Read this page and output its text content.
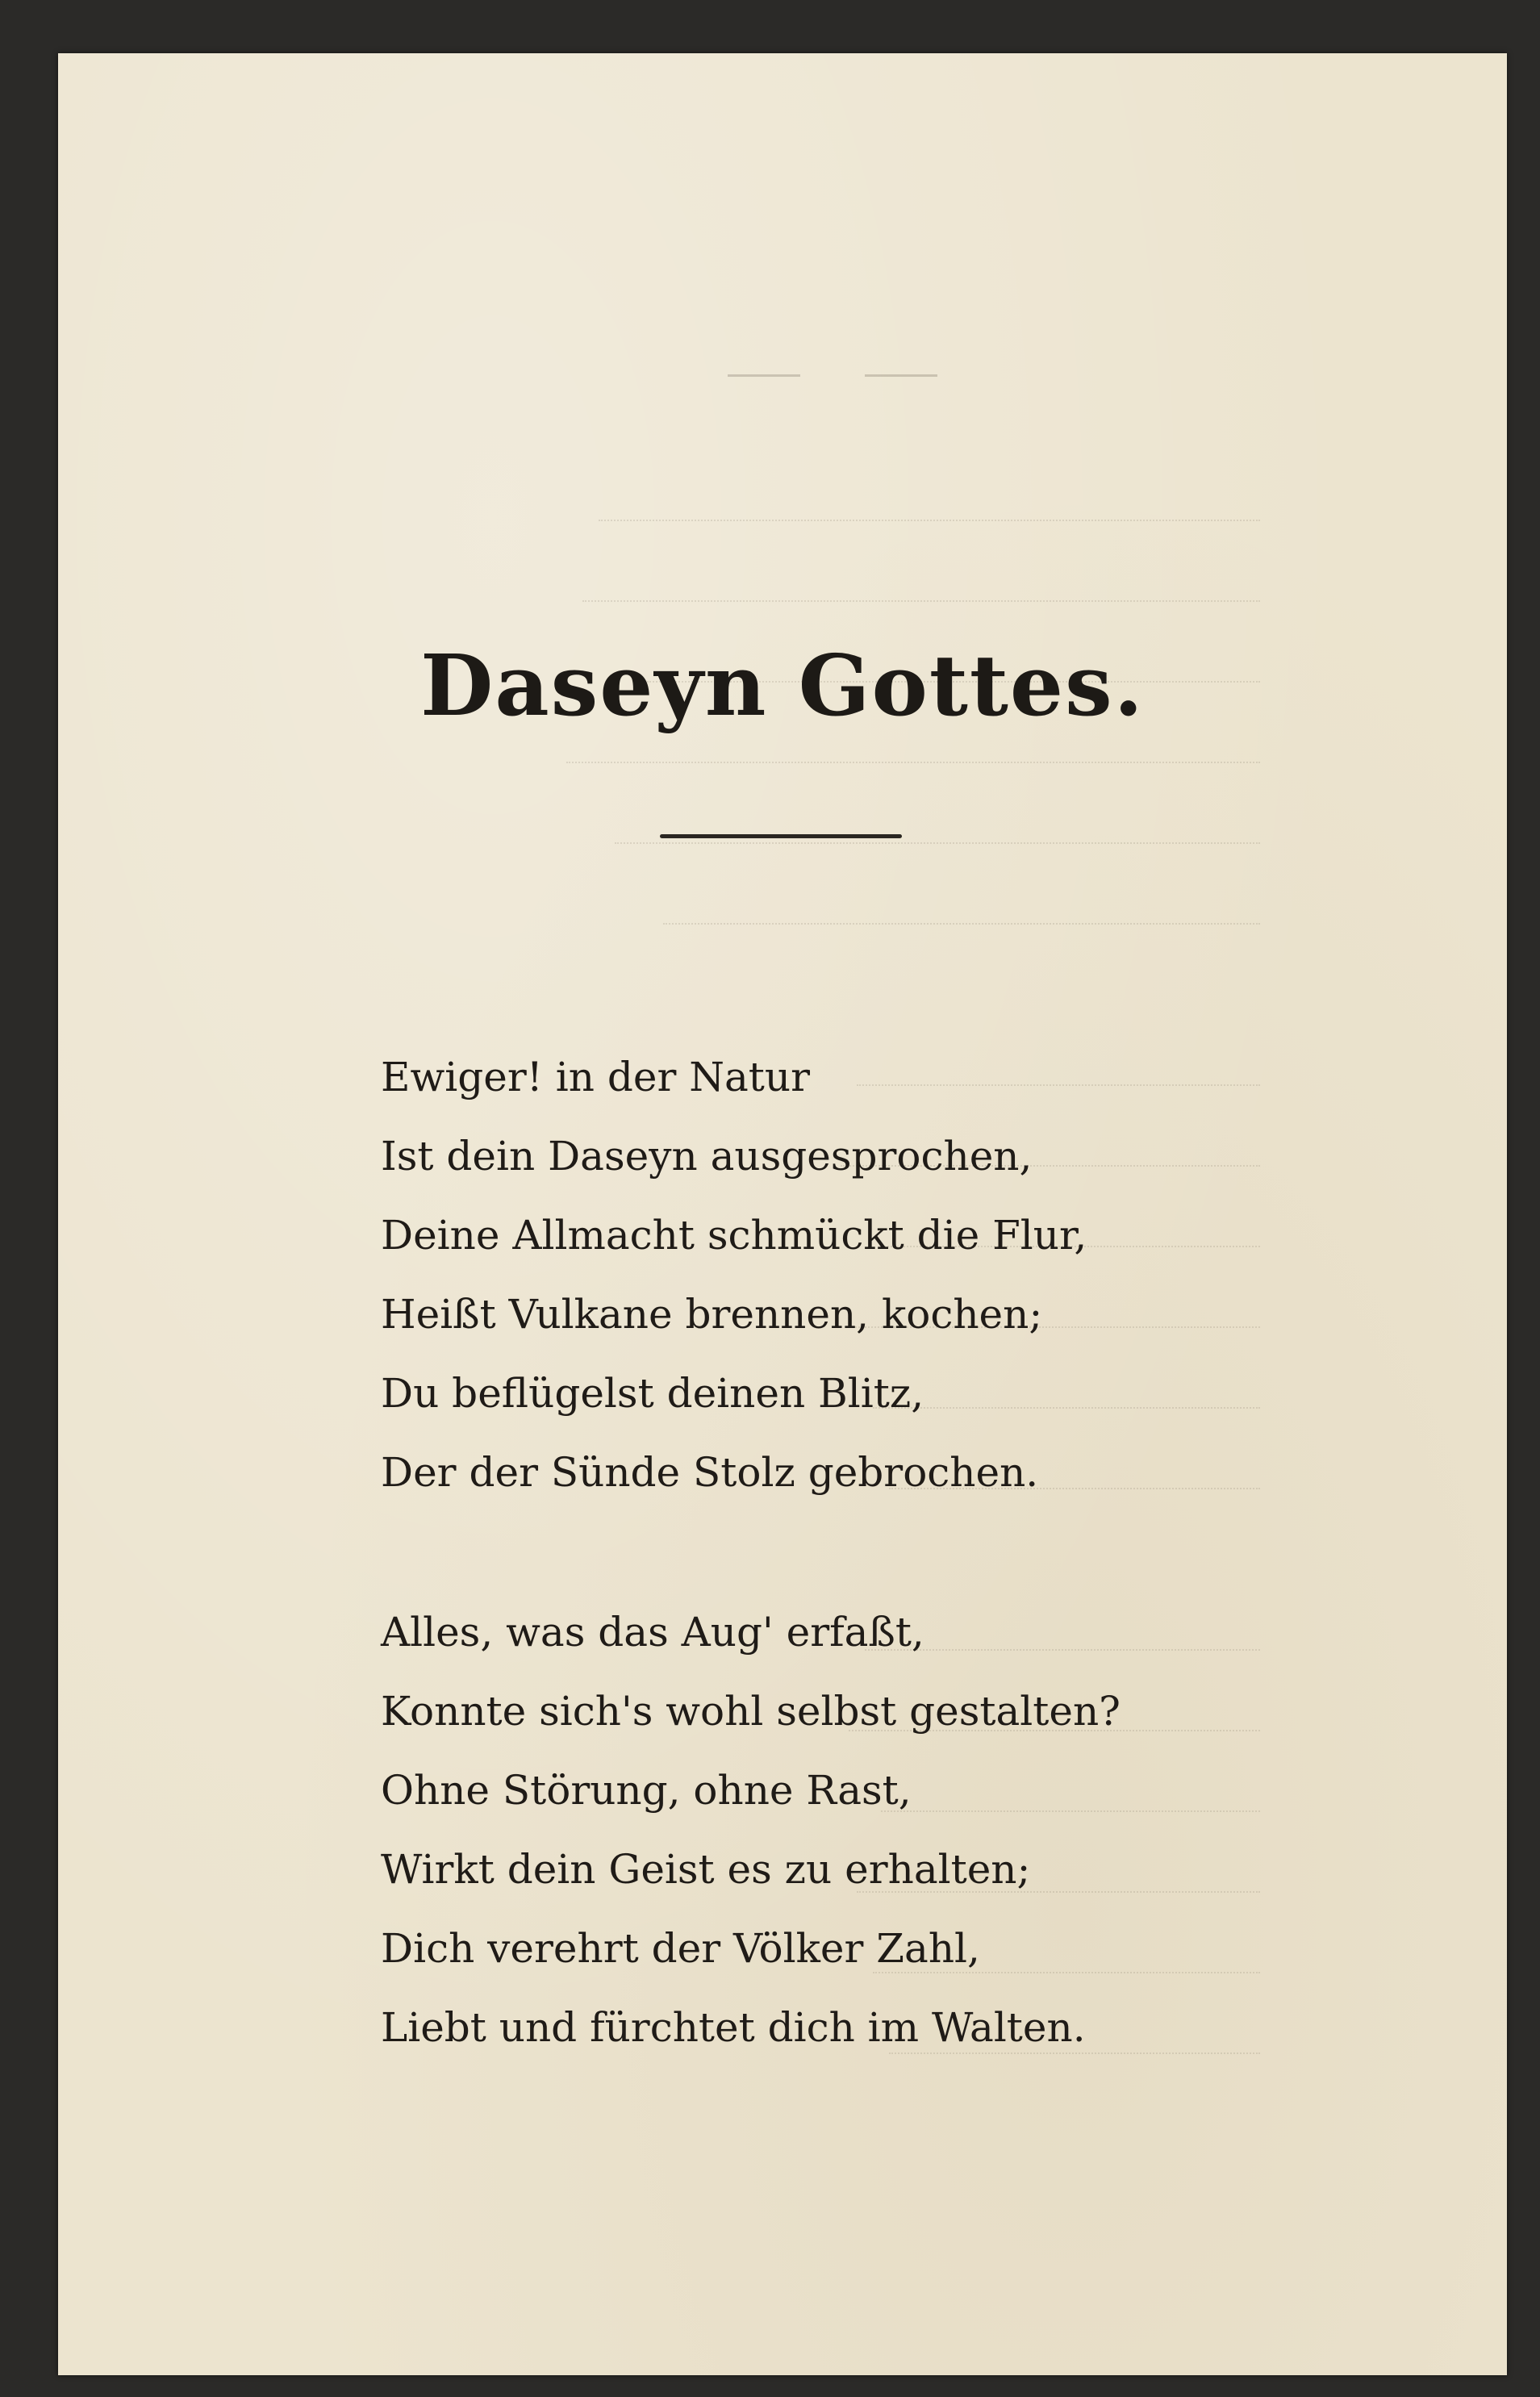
Daseyn Gottes.
Ewiger! in der Natur
Ist dein Daseyn ausgesprochen,
Deine Allmacht schmückt die Flur,
Heißt Vulkane brennen, kochen;
Du beflügelst deinen Blitz,
Der der Sünde Stolz gebrochen.
Alles, was das Aug' erfaßt,
Konnte sich's wohl selbst gestalten?
Ohne Störung, ohne Rast,
Wirkt dein Geist es zu erhalten;
Dich verehrt der Völker Zahl,
Liebt und fürchtet dich im Walten.
